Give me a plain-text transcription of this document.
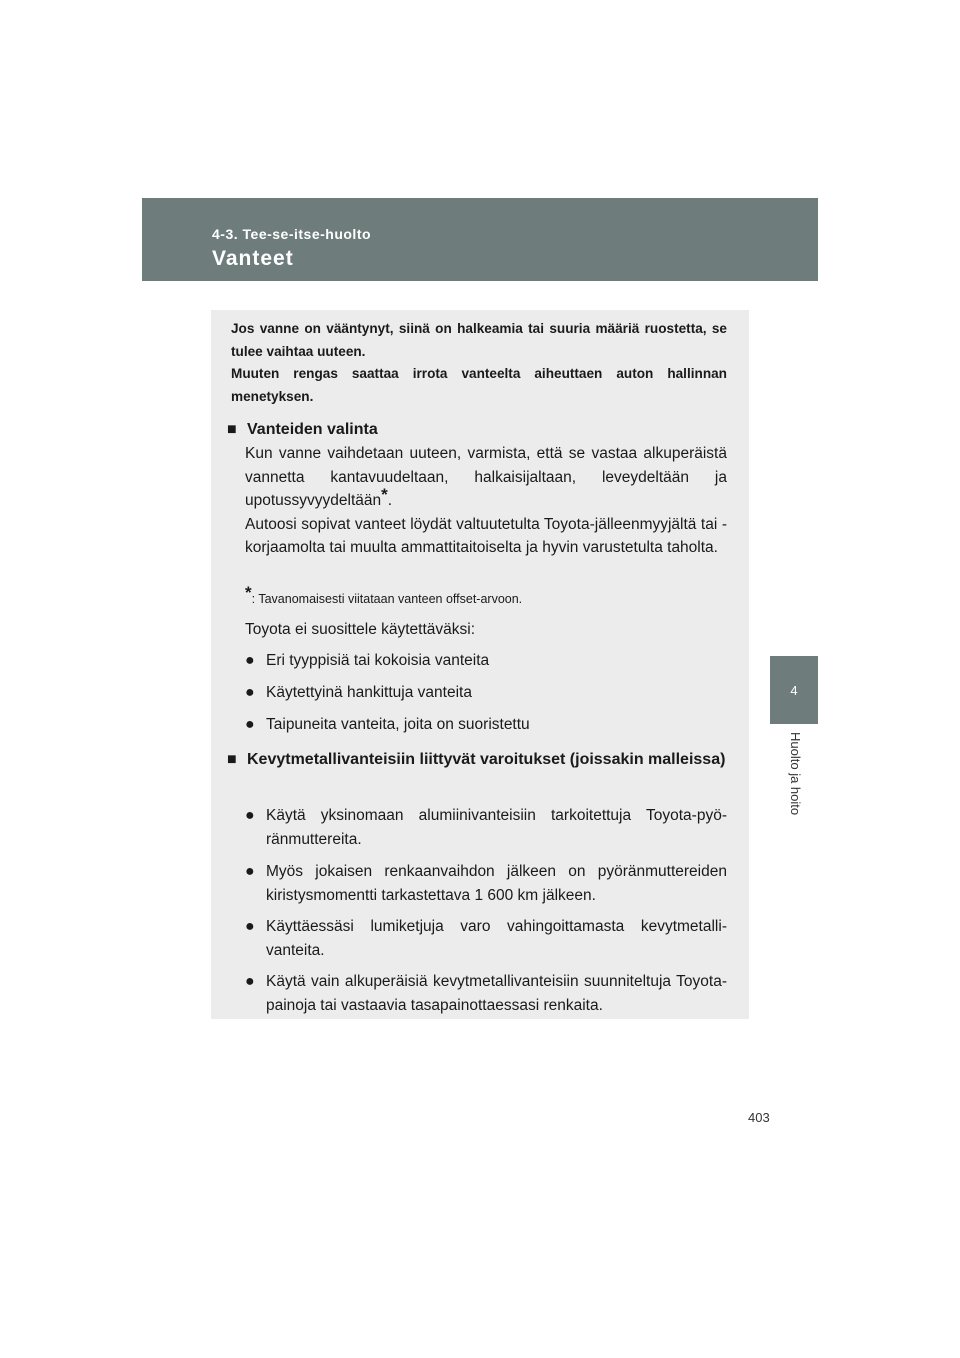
4-3. Tee-se-itse-huolto
Vanteet
4
Huolto ja hoito
403

Jos vanne on vääntynyt, siinä on halkeamia tai suuria määriä ruostetta, se tulee vaihtaa uuteen.

Muuten rengas saattaa irrota vanteelta aiheuttaen auton hallinnan menetyksen.

■ Vanteiden valinta

Kun vanne vaihdetaan uuteen, varmista, että se vastaa alkuperäistä vannetta kantavuudeltaan, halkaisijaltaan, leveydeltään ja upotussyvyydeltään*.

Autoosi sopivat vanteet löydät valtuutetulta Toyota-jälleenmyyjältä tai -korjaamolta tai muulta ammattitaitoiselta ja hyvin varustetulta taholta.

*: Tavanomaisesti viitataan vanteen offset-arvoon.
Toyota ei suosittele käytettäväksi:
● Eri tyyppisiä tai kokoisia vanteita
● Käytettyinä hankittuja vanteita
● Taipuneita vanteita, joita on suoristettu
■ Kevytmetallivanteisiin liittyvät varoitukset (joissakin malleissa)
● Käytä yksinomaan alumiinivanteisiin tarkoitettuja Toyota-pyöränmuttereita.
● Myös jokaisen renkaanvaihdon jälkeen on pyöränmuttereiden kiristysmomentti tarkastettava 1 600 km jälkeen.
● Käyttäessäsi lumiketjuja varo vahingoittamasta kevytmetallivanteita.
● Käytä vain alkuperäisiä kevytmetallivanteisiin suunniteltuja Toyota-painoja tai vastaavia tasapainottaessasi renkaita.
